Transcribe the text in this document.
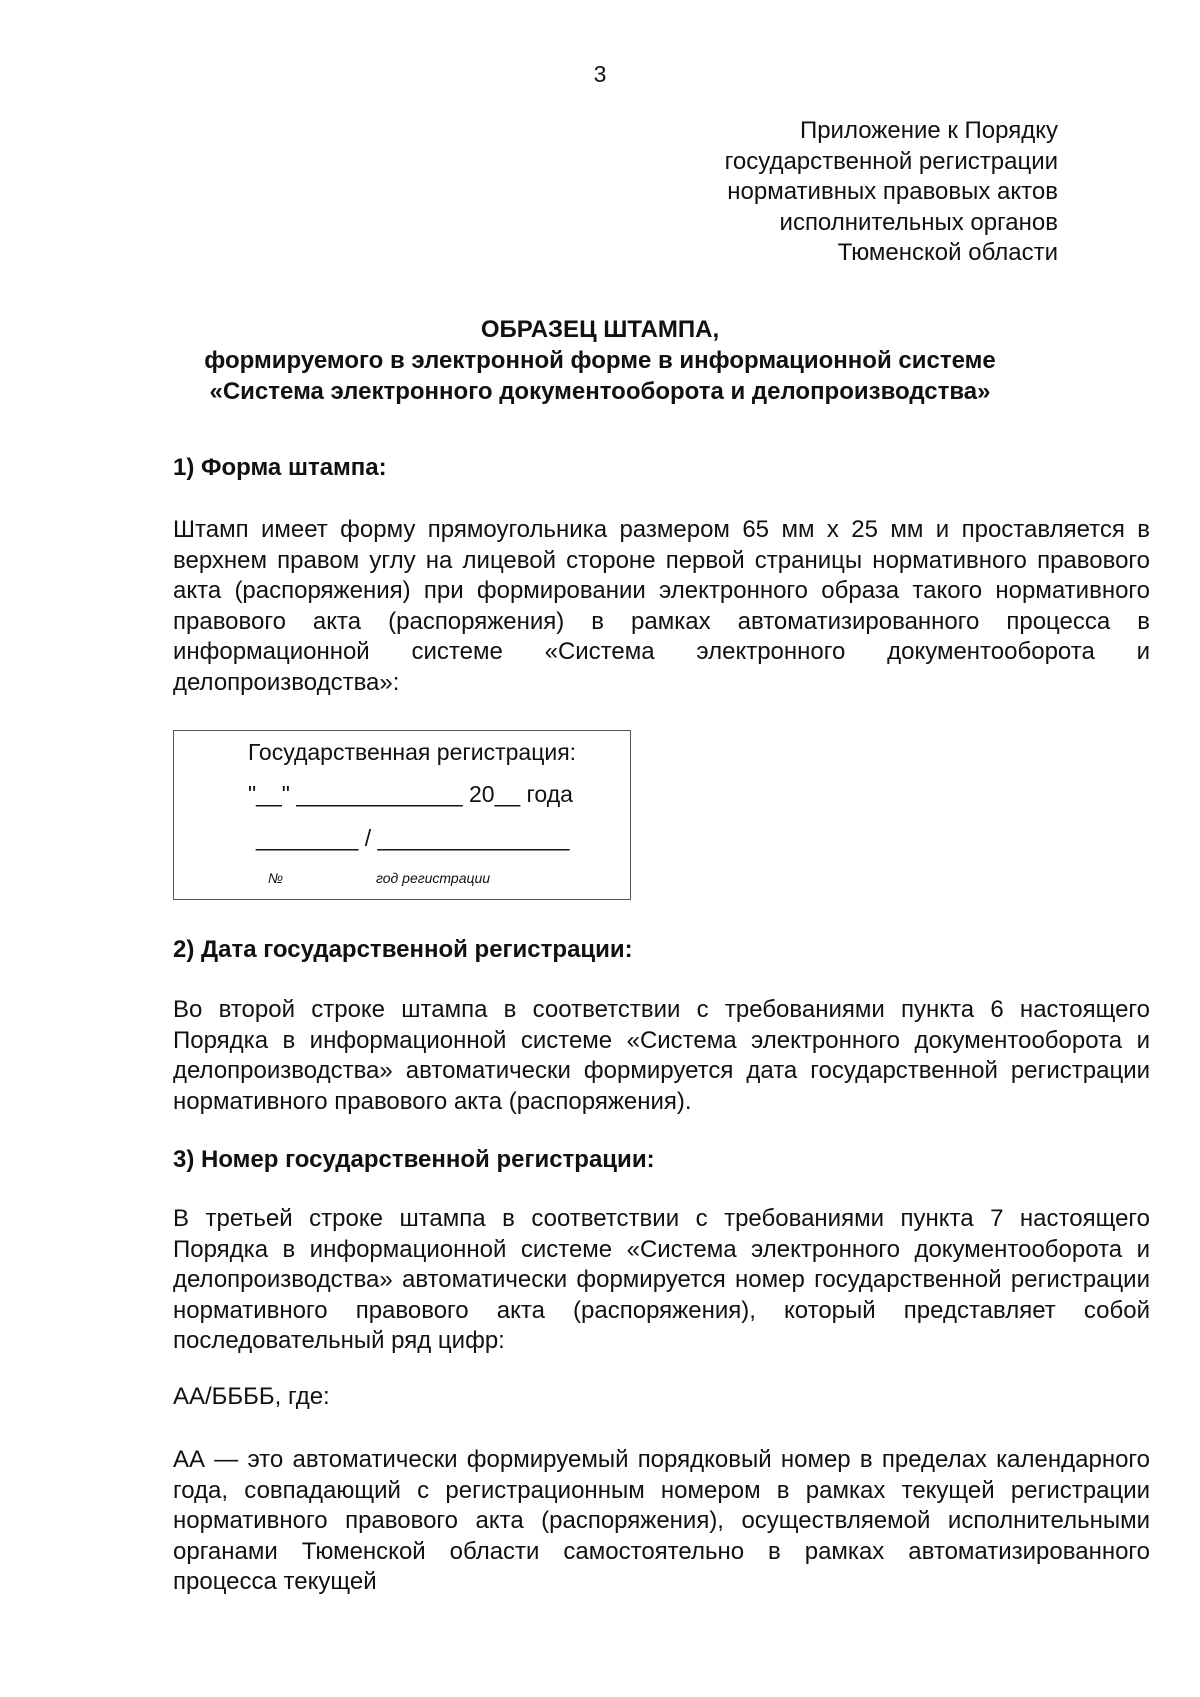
3
Приложение к Порядку
государственной регистрации
нормативных правовых актов
исполнительных органов
Тюменской области
ОБРАЗЕЦ ШТАМПА,
формируемого в электронной форме в информационной системе
«Система электронного документооборота и делопроизводства»
1) Форма штампа:
Штамп имеет форму прямоугольника размером 65 мм х 25 мм и проставляется в верхнем правом углу на лицевой стороне первой страницы нормативного правового акта (распоряжения) при формировании электронного образа такого нормативного правового акта (распоряжения) в рамках автоматизированного процесса в информационной системе «Система электронного документооборота и делопроизводства»:
Государственная регистрация:
"__" _____________ 20__ года
________ / _______________
№	год регистрации
2) Дата государственной регистрации:
Во второй строке штампа в соответствии с требованиями пункта 6 настоящего Порядка в информационной системе «Система электронного документооборота и делопроизводства» автоматически формируется дата государственной регистрации нормативного правового акта (распоряжения).
3) Номер государственной регистрации:
В третьей строке штампа в соответствии с требованиями пункта 7 настоящего Порядка в информационной системе «Система электронного документооборота и делопроизводства» автоматически формируется номер государственной регистрации нормативного правового акта (распоряжения), который представляет собой последовательный ряд цифр:
АА/ББББ, где:
АА — это автоматически формируемый порядковый номер в пределах календарного года, совпадающий с регистрационным номером в рамках текущей регистрации нормативного правового акта (распоряжения), осуществляемой исполнительными органами Тюменской области самостоятельно в рамках автоматизированного процесса текущей
